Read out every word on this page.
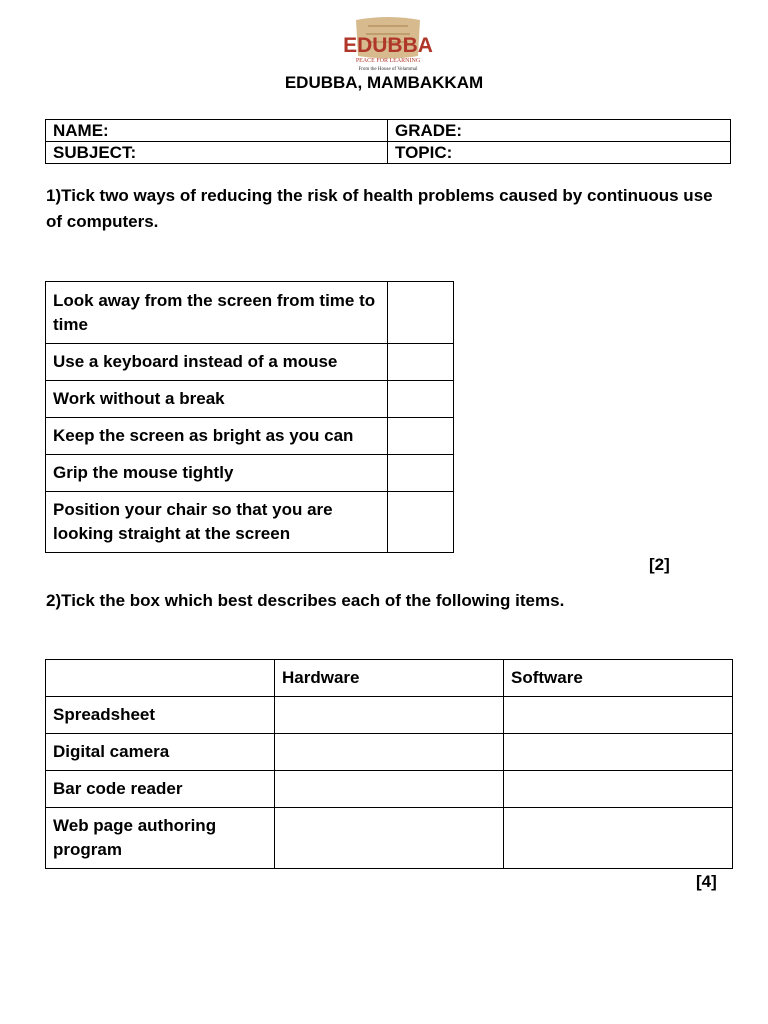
EDUBBA
PEACE FOR LEARNING
From the House of Velammal
EDUBBA, MAMBAKKAM
NAME:	GRADE:
SUBJECT:	TOPIC:
1)Tick two ways of reducing the risk of health problems caused by continuous use of computers.
Look away from the screen from time to time	
Use a keyboard instead of a mouse	
Work without a break	
Keep the screen as bright as you can	
Grip the mouse tightly	
Position your chair so that you are looking straight at the screen	
[2]
2)Tick the box which best describes each of the following items.
	Hardware	Software
Spreadsheet		
Digital camera		
Bar code reader		
Web page authoring program		
[4]
